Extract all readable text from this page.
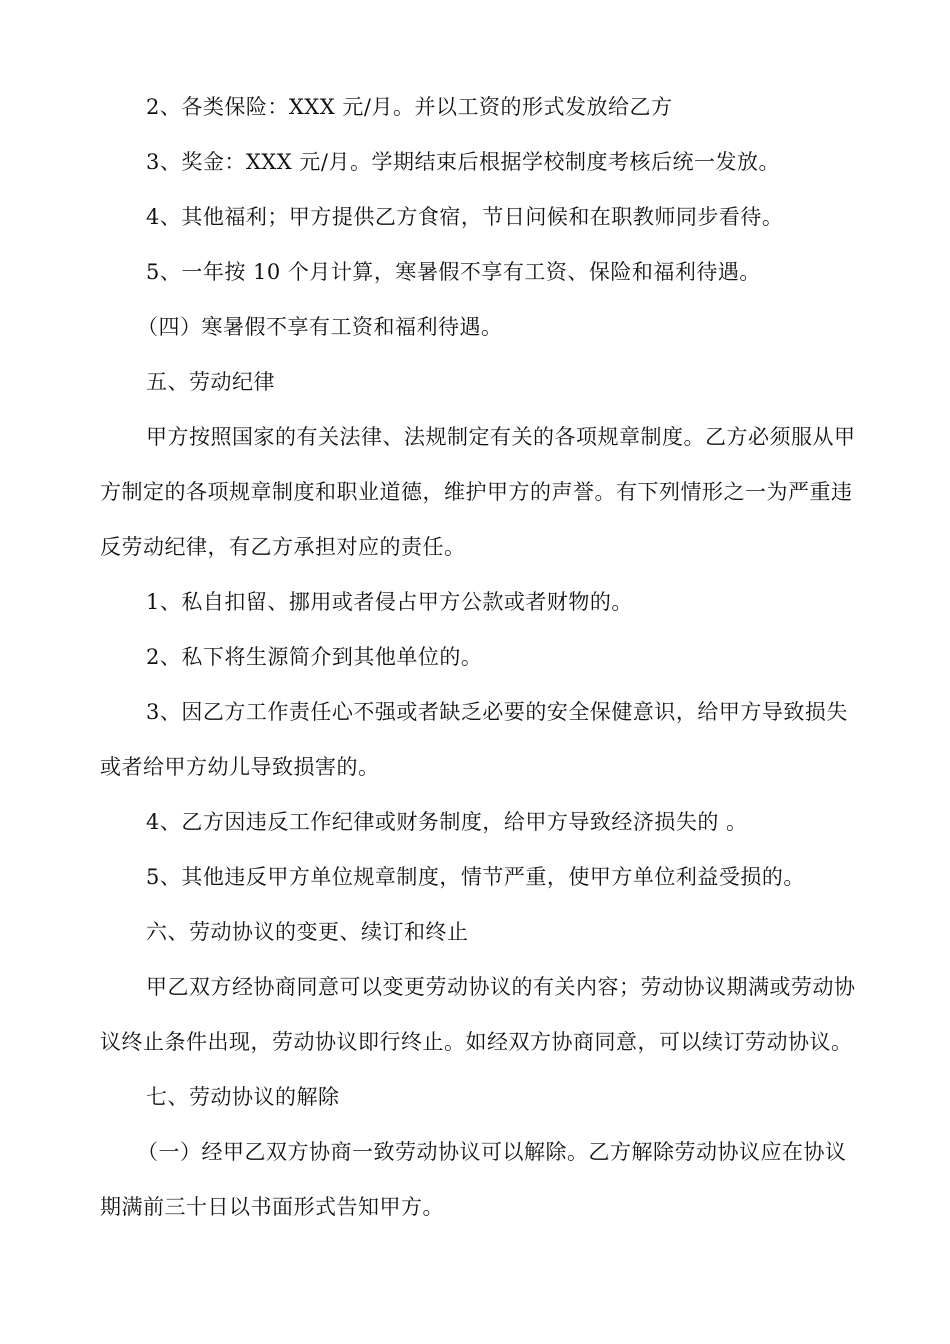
2、各类保险：XXX 元/月。并以工资的形式发放给乙方
3、奖金：XXX 元/月。学期结束后根据学校制度考核后统一发放。
4、其他福利；甲方提供乙方食宿，节日问候和在职教师同步看待。
5、一年按 10 个月计算，寒暑假不享有工资、保险和福利待遇。
（四）寒暑假不享有工资和福利待遇。
五、劳动纪律
甲方按照国家的有关法律、法规制定有关的各项规章制度。乙方必须服从甲
方制定的各项规章制度和职业道德，维护甲方的声誉。有下列情形之一为严重违
反劳动纪律，有乙方承担对应的责任。
1、私自扣留、挪用或者侵占甲方公款或者财物的。
2、私下将生源简介到其他单位的。
3、因乙方工作责任心不强或者缺乏必要的安全保健意识，给甲方导致损失
或者给甲方幼儿导致损害的。
4、乙方因违反工作纪律或财务制度，给甲方导致经济损失的 。
5、其他违反甲方单位规章制度，情节严重，使甲方单位利益受损的。
六、劳动协议的变更、续订和终止
甲乙双方经协商同意可以变更劳动协议的有关内容；劳动协议期满或劳动协
议终止条件出现，劳动协议即行终止。如经双方协商同意，可以续订劳动协议。
七、劳动协议的解除
（一）经甲乙双方协商一致劳动协议可以解除。乙方解除劳动协议应在协议
期满前三十日以书面形式告知甲方。
